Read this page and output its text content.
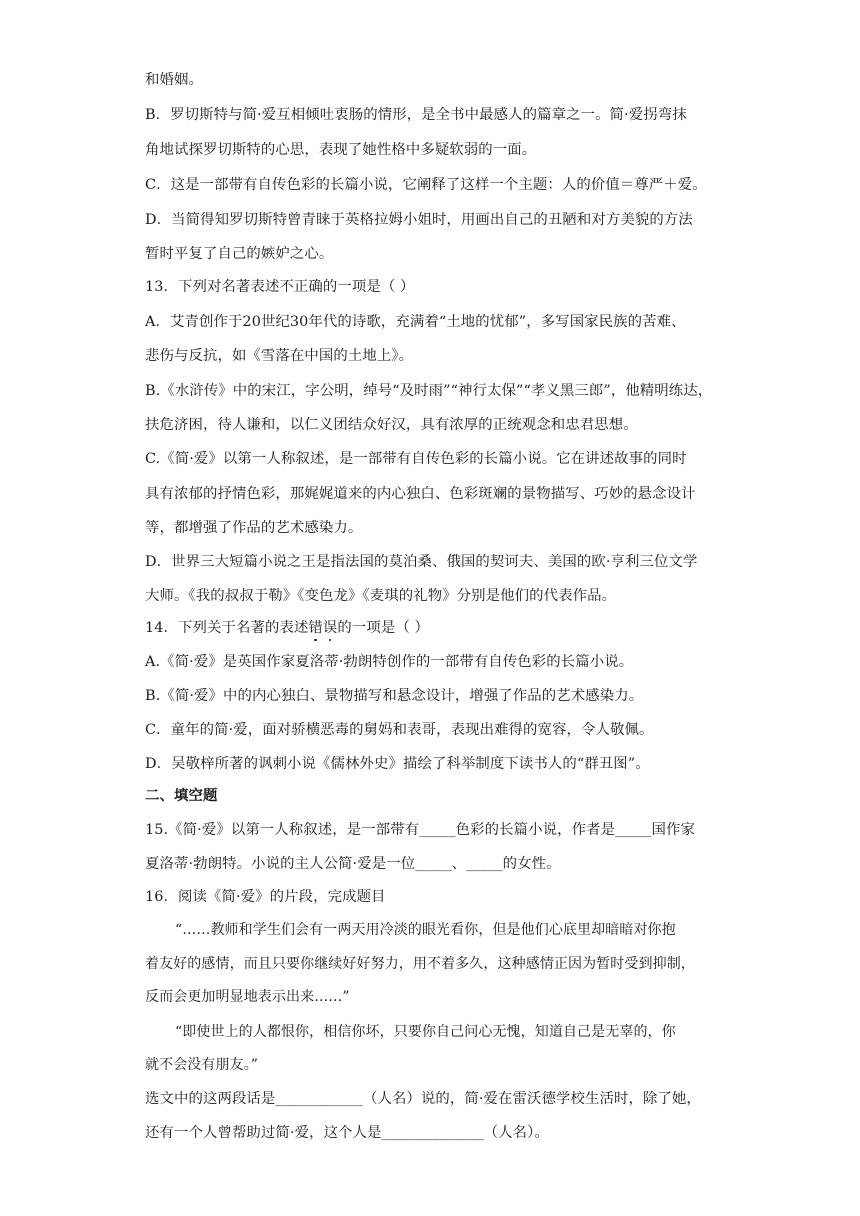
和婚姻。
B．罗切斯特与简·爱互相倾吐衷肠的情形，是全书中最感人的篇章之一。简·爱拐弯抹
角地试探罗切斯特的心思，表现了她性格中多疑软弱的一面。
C．这是一部带有自传色彩的长篇小说，它阐释了这样一个主题：人的价值＝尊严＋爱。
D．当简得知罗切斯特曾青睐于英格拉姆小姐时，用画出自己的丑陋和对方美貌的方法
暂时平复了自己的嫉妒之心。
13．下列对名著表述不正确的一项是（ ）
A．艾青创作于20世纪30年代的诗歌，充满着“土地的忧郁”，多写国家民族的苦难、
悲伤与反抗，如《雪落在中国的土地上》。
B.《水浒传》中的宋江，字公明，绰号“及时雨”“神行太保”“孝义黑三郎”，他精明练达，
扶危济困，待人谦和，以仁义团结众好汉，具有浓厚的正统观念和忠君思想。
C.《简·爱》以第一人称叙述，是一部带有自传色彩的长篇小说。它在讲述故事的同时
具有浓郁的抒情色彩，那娓娓道来的内心独白、色彩斑斓的景物描写、巧妙的悬念设计
等，都增强了作品的艺术感染力。
D．世界三大短篇小说之王是指法国的莫泊桑、俄国的契诃夫、美国的欧·亨利三位文学
大师。《我的叔叔于勒》《变色龙》《麦琪的礼物》分别是他们的代表作品。
14．下列关于名著的表述错误的一项是（ ）
A.《简·爱》是英国作家夏洛蒂·勃朗特创作的一部带有自传色彩的长篇小说。
B.《简·爱》中的内心独白、景物描写和悬念设计，增强了作品的艺术感染力。
C．童年的简·爱，面对骄横恶毒的舅妈和表哥，表现出难得的宽容，令人敬佩。
D．吴敬梓所著的讽刺小说《儒林外史》描绘了科举制度下读书人的“群丑图”。
二、填空题
15.《简·爱》以第一人称叙述，是一部带有_____色彩的长篇小说，作者是_____国作家
夏洛蒂·勃朗特。小说的主人公简·爱是一位_____、_____的女性。
16．阅读《简·爱》的片段，完成题目
“……教师和学生们会有一两天用冷淡的眼光看你，但是他们心底里却暗暗对你抱
着友好的感情，而且只要你继续好好努力，用不着多久，这种感情正因为暂时受到抑制，
反而会更加明显地表示出来……”
“即使世上的人都恨你，相信你坏，只要你自己问心无愧，知道自己是无辜的，你
就不会没有朋友。”
选文中的这两段话是____________（人名）说的，简·爱在雷沃德学校生活时，除了她，
还有一个人曾帮助过简·爱，这个人是______________（人名）。
